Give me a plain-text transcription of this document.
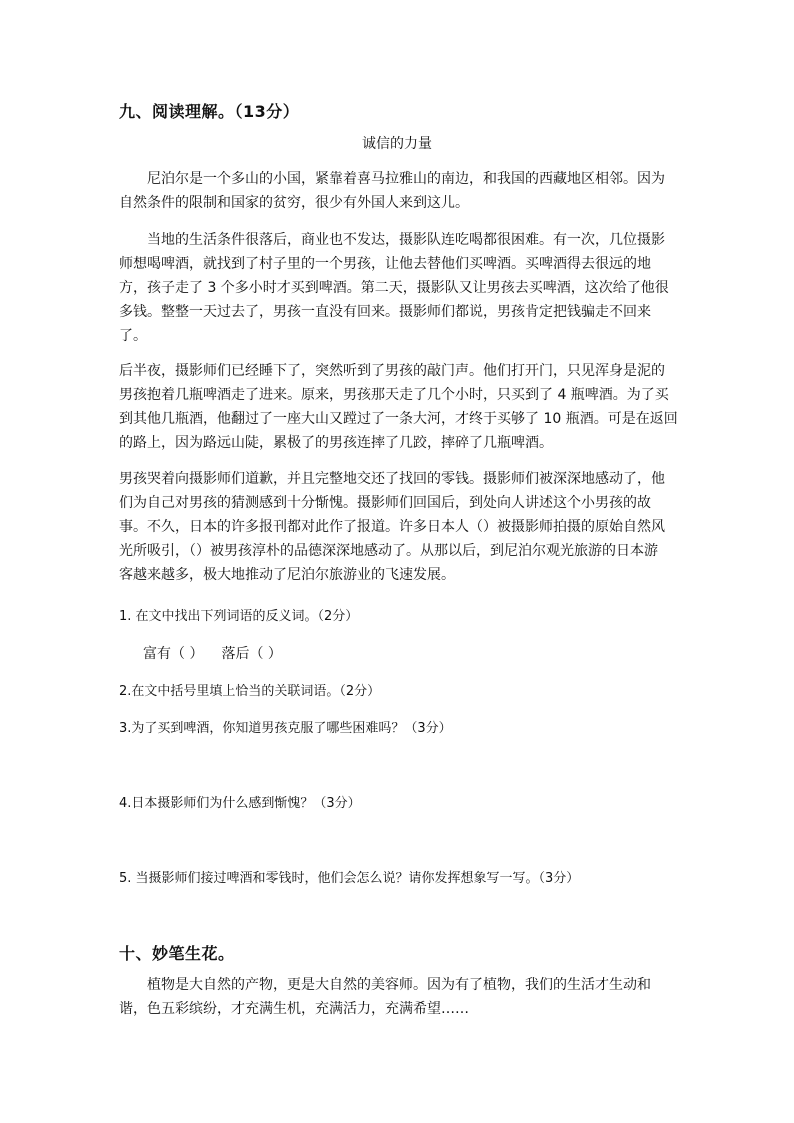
九、阅读理解。（13分）
诚信的力量
尼泊尔是一个多山的小国，紧靠着喜马拉雅山的南边，和我国的西藏地区相邻。因为
自然条件的限制和国家的贫穷，很少有外国人来到这儿。
当地的生活条件很落后，商业也不发达，摄影队连吃喝都很困难。有一次，几位摄影
师想喝啤酒，就找到了村子里的一个男孩，让他去替他们买啤酒。买啤酒得去很远的地
方，孩子走了 3 个多小时才买到啤酒。第二天，摄影队又让男孩去买啤酒，这次给了他很
多钱。整整一天过去了，男孩一直没有回来。摄影师们都说，男孩肯定把钱骗走不回来
了。
后半夜，摄影师们已经睡下了，突然听到了男孩的敲门声。他们打开门，只见浑身是泥的
男孩抱着几瓶啤酒走了进来。原来，男孩那天走了几个小时，只买到了 4 瓶啤酒。为了买
到其他几瓶酒，他翻过了一座大山又蹚过了一条大河，才终于买够了 10 瓶酒。可是在返回
的路上，因为路远山陡，累极了的男孩连摔了几跤，摔碎了几瓶啤酒。
男孩哭着向摄影师们道歉，并且完整地交还了找回的零钱。摄影师们被深深地感动了，他
们为自己对男孩的猜测感到十分惭愧。摄影师们回国后，到处向人讲述这个小男孩的故
事。不久，日本的许多报刊都对此作了报道。许多日本人（）被摄影师拍摄的原始自然风
光所吸引，（）被男孩淳朴的品德深深地感动了。从那以后，到尼泊尔观光旅游的日本游
客越来越多，极大地推动了尼泊尔旅游业的飞速发展。
1. 在文中找出下列词语的反义词。（2分）
富有（ ） 落后（ ）
2.在文中括号里填上恰当的关联词语。（2分）
3.为了买到啤酒，你知道男孩克服了哪些困难吗？（3分）
4.日本摄影师们为什么感到惭愧？（3分）
5. 当摄影师们接过啤酒和零钱时，他们会怎么说？请你发挥想象写一写。（3分）
十、妙笔生花。
植物是大自然的产物，更是大自然的美容师。因为有了植物，我们的生活才生动和
谐，色五彩缤纷，才充满生机，充满活力，充满希望……
